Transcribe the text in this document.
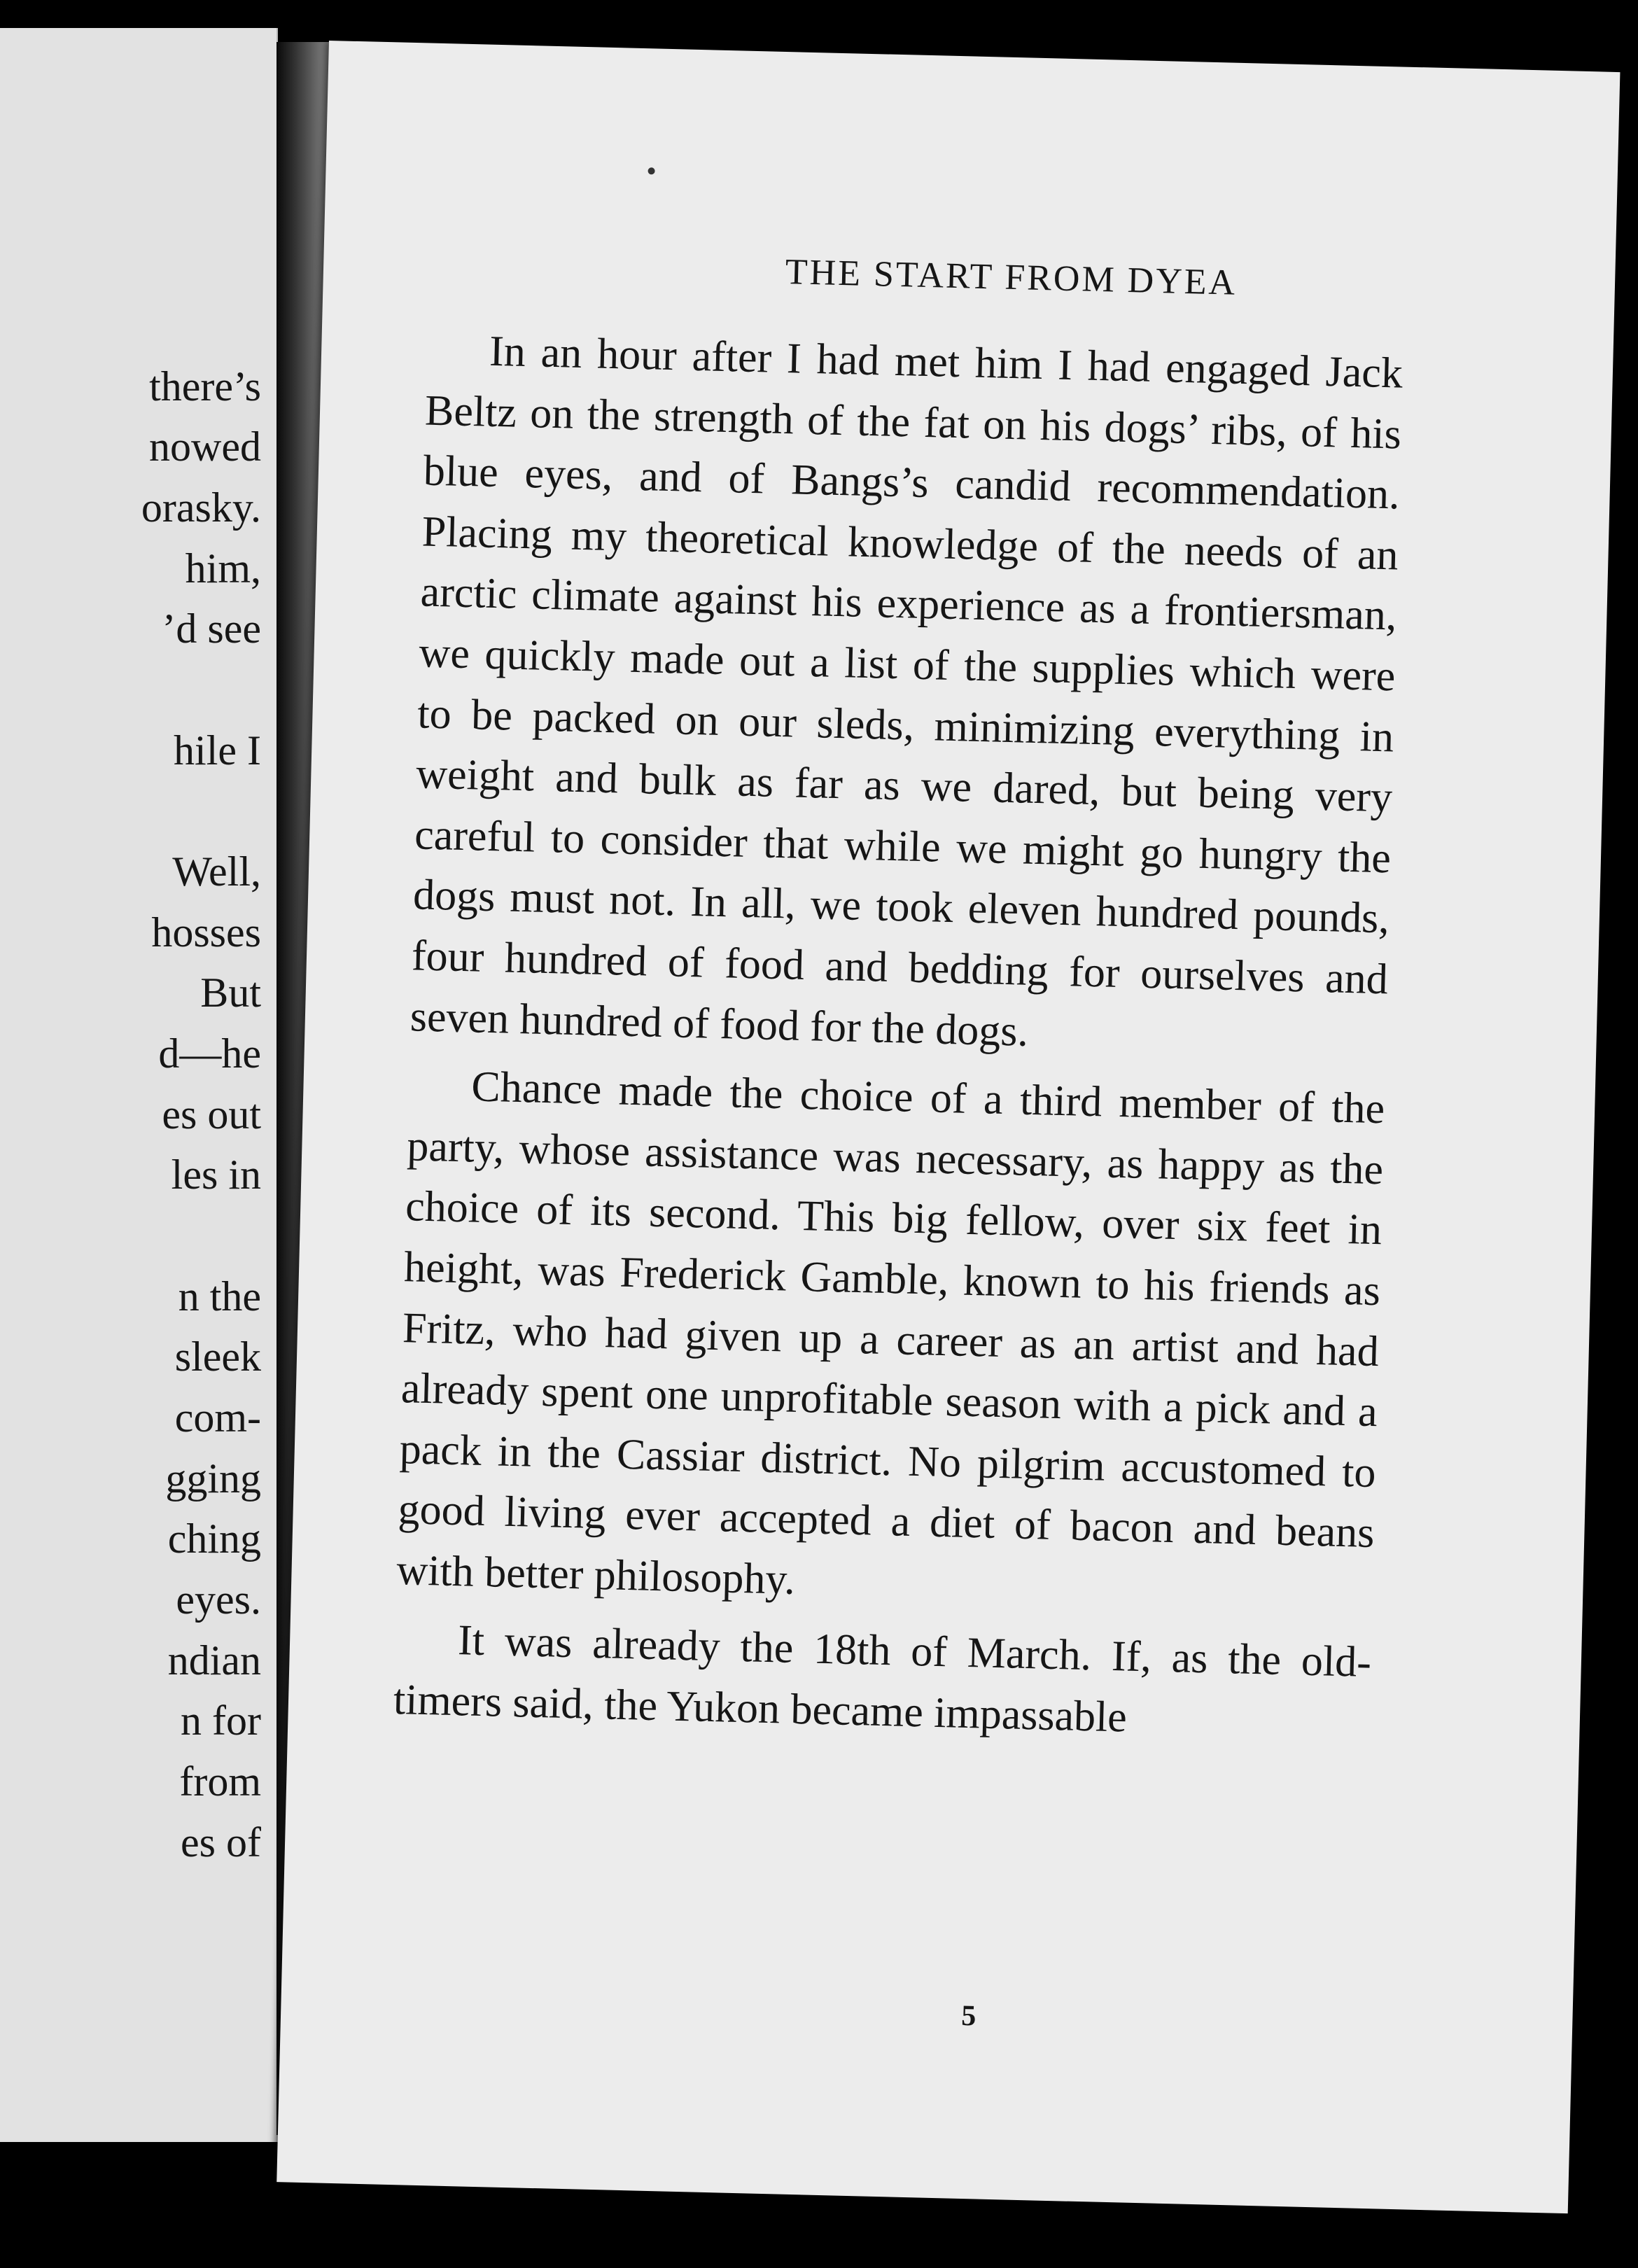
there’s
nowed
orasky.
him,
’d see
hile I
Well,
hosses
But
d—he
es out
les in
n the
sleek
com-
gging
ching
eyes.
ndian
n for
from
es of
THE START FROM DYEA

In an hour after I had met him I had engaged Jack Beltz on the strength of the fat on his dogs’ ribs, of his blue eyes, and of Bangs’s candid recommendation. Placing my theoretical knowledge of the needs of an arctic climate against his experience as a frontiersman, we quickly made out a list of the supplies which were to be packed on our sleds, minimizing everything in weight and bulk as far as we dared, but being very careful to consider that while we might go hungry the dogs must not. In all, we took eleven hundred pounds, four hundred of food and bedding for ourselves and seven hundred of food for the dogs.

Chance made the choice of a third member of the party, whose assistance was necessary, as happy as the choice of its second. This big fellow, over six feet in height, was Frederick Gamble, known to his friends as Fritz, who had given up a career as an artist and had already spent one unprofitable season with a pick and a pack in the Cassiar district. No pilgrim accustomed to good living ever accepted a diet of bacon and beans with better philosophy.

It was already the 18th of March. If, as the old-timers said, the Yukon became impassable

5
